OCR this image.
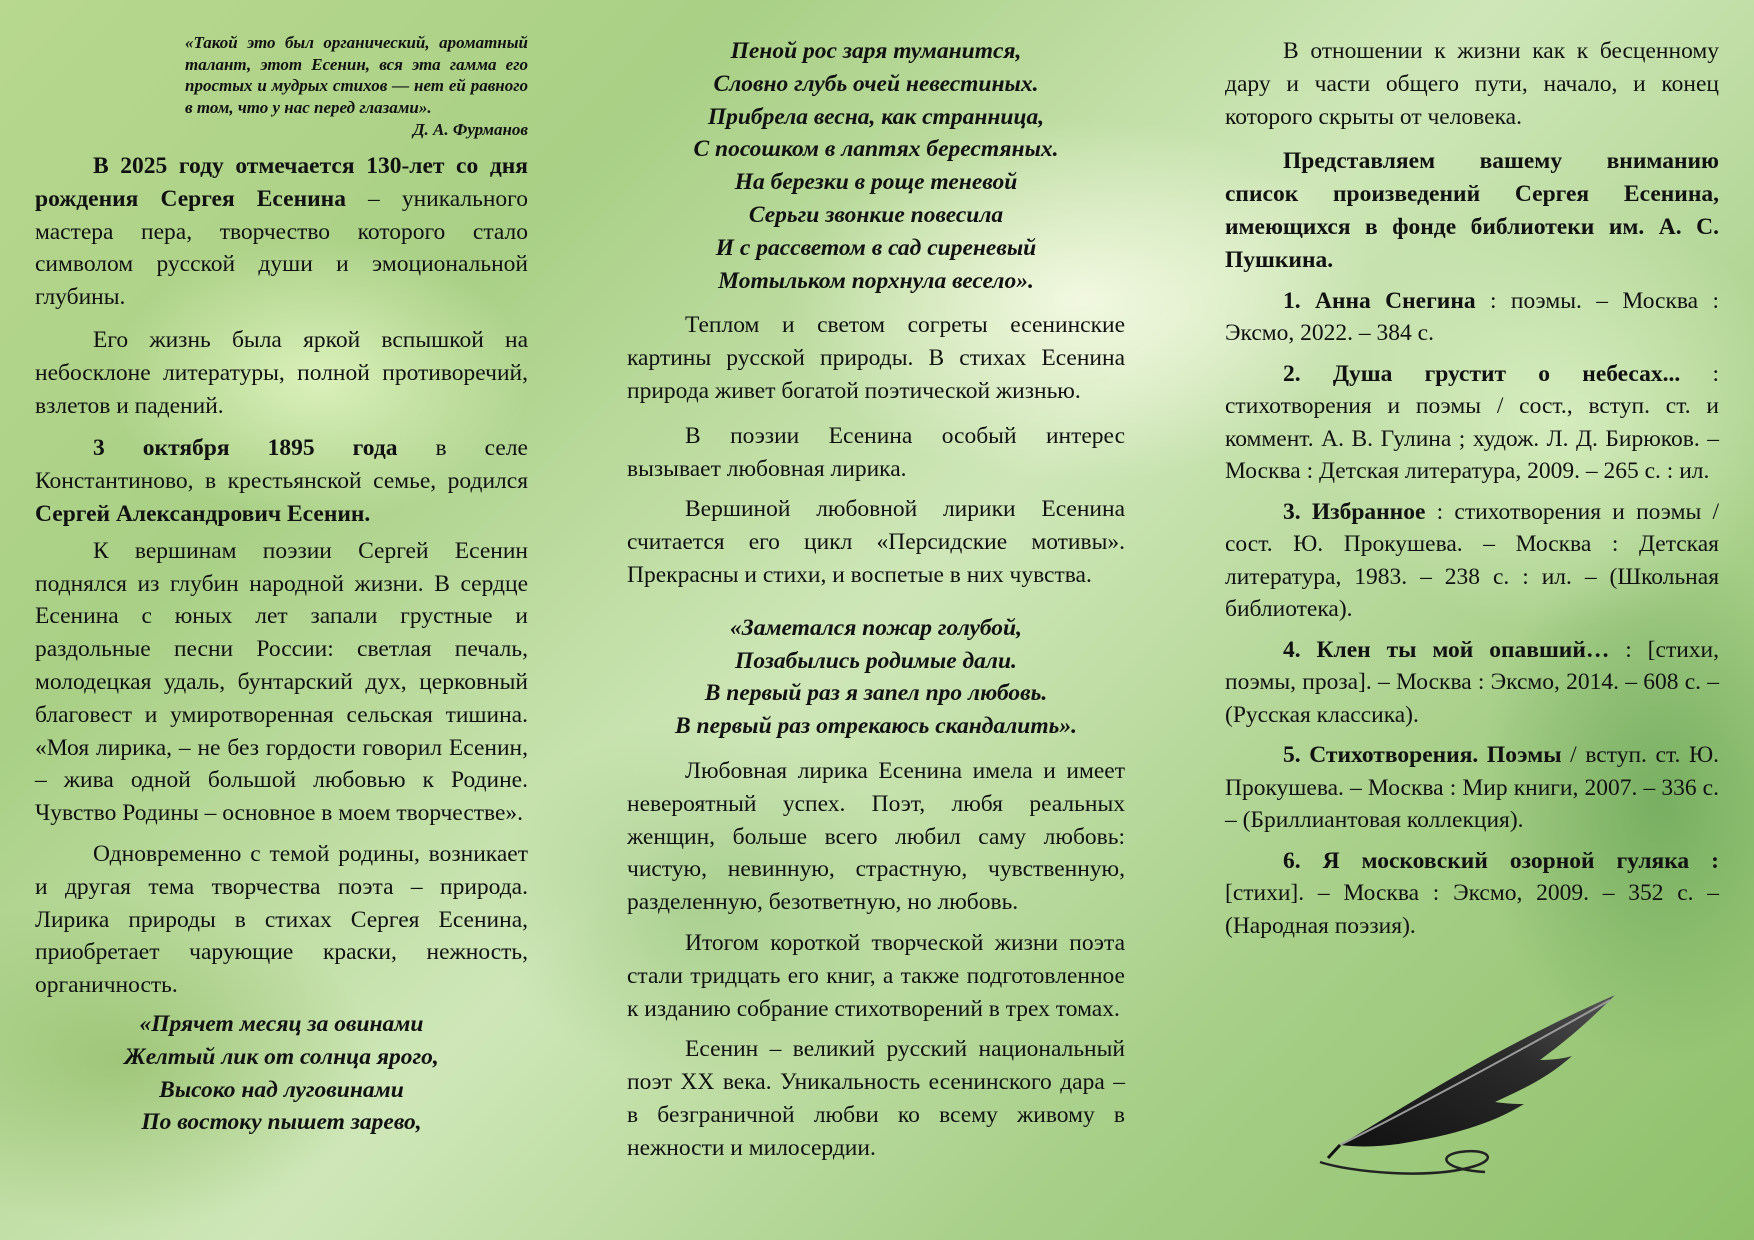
«Такой это был органический, ароматный талант, этот Есенин, вся эта гамма его простых и мудрых стихов — нет ей равного в том, что у нас перед глазами».

Д. А. Фурманов

В 2025 году отмечается 130-лет со дня рождения Сергея Есенина – уникального мастера пера, творчество которого стало символом русской души и эмоциональной глубины.

Его жизнь была яркой вспышкой на небосклоне литературы, полной противоречий, взлетов и падений.

3 октября 1895 года в селе Константиново, в крестьянской семье, родился Сергей Александрович Есенин.

К вершинам поэзии Сергей Есенин поднялся из глубин народной жизни. В сердце Есенина с юных лет запали грустные и раздольные песни России: светлая печаль, молодецкая удаль, бунтарский дух, церковный благовест и умиротворенная сельская тишина. «Моя лирика, – не без гордости говорил Есенин, – жива одной большой любовью к Родине. Чувство Родины – основное в моем творчестве».

Одновременно с темой родины, возникает и другая тема творчества поэта – природа. Лирика природы в стихах Сергея Есенина, приобретает чарующие краски, нежность, органичность.

«Прячет месяц за овинами
Желтый лик от солнца ярого,
Высоко над луговинами
По востоку пышет зарево,
Пеной рос заря туманится,
Словно глубь очей невестиных.
Прибрела весна, как странница,
С посошком в лаптях берестяных.
На березки в роще теневой
Серьги звонкие повесила
И с рассветом в сад сиреневый
Мотыльком порхнула весело».

Теплом и светом согреты есенинские картины русской природы. В стихах Есенина природа живет богатой поэтической жизнью.

В поэзии Есенина особый интерес вызывает любовная лирика.

Вершиной любовной лирики Есенина считается его цикл «Персидские мотивы». Прекрасны и стихи, и воспетые в них чувства.

«Заметался пожар голубой,
Позабылись родимые дали.
В первый раз я запел про любовь.
В первый раз отрекаюсь скандалить».

Любовная лирика Есенина имела и имеет невероятный успех. Поэт, любя реальных женщин, больше всего любил саму любовь: чистую, невинную, страстную, чувственную, разделенную, безответную, но любовь.

Итогом короткой творческой жизни поэта стали тридцать его книг, а также подготовленное к изданию собрание стихотворений в трех томах.

Есенин – великий русский национальный поэт XX века. Уникальность есенинского дара – в безграничной любви ко всему живому в нежности и милосердии.

В отношении к жизни как к бесценному дару и части общего пути, начало, и конец которого скрыты от человека.

Представляем вашему вниманию список произведений Сергея Есенина, имеющихся в фонде библиотеки им. А. С. Пушкина.

1. Анна Снегина : поэмы. – Москва : Эксмо, 2022. – 384 с.

2. Душа грустит о небесах... : стихотворения и поэмы / сост., вступ. ст. и коммент. А. В. Гулина ; худож. Л. Д. Бирюков. – Москва : Детская литература, 2009. – 265 с. : ил.

3. Избранное : стихотворения и поэмы / сост. Ю. Прокушева. – Москва : Детская литература, 1983. – 238 с. : ил. – (Школьная библиотека).

4. Клен ты мой опавший… : [стихи, поэмы, проза]. – Москва : Эксмо, 2014. – 608 с. – (Русская классика).

5. Стихотворения. Поэмы / вступ. ст. Ю. Прокушева. – Москва : Мир книги, 2007. – 336 с. – (Бриллиантовая коллекция).

6. Я московский озорной гуляка : [стихи]. – Москва : Эксмо, 2009. – 352 с. – (Народная поэзия).
